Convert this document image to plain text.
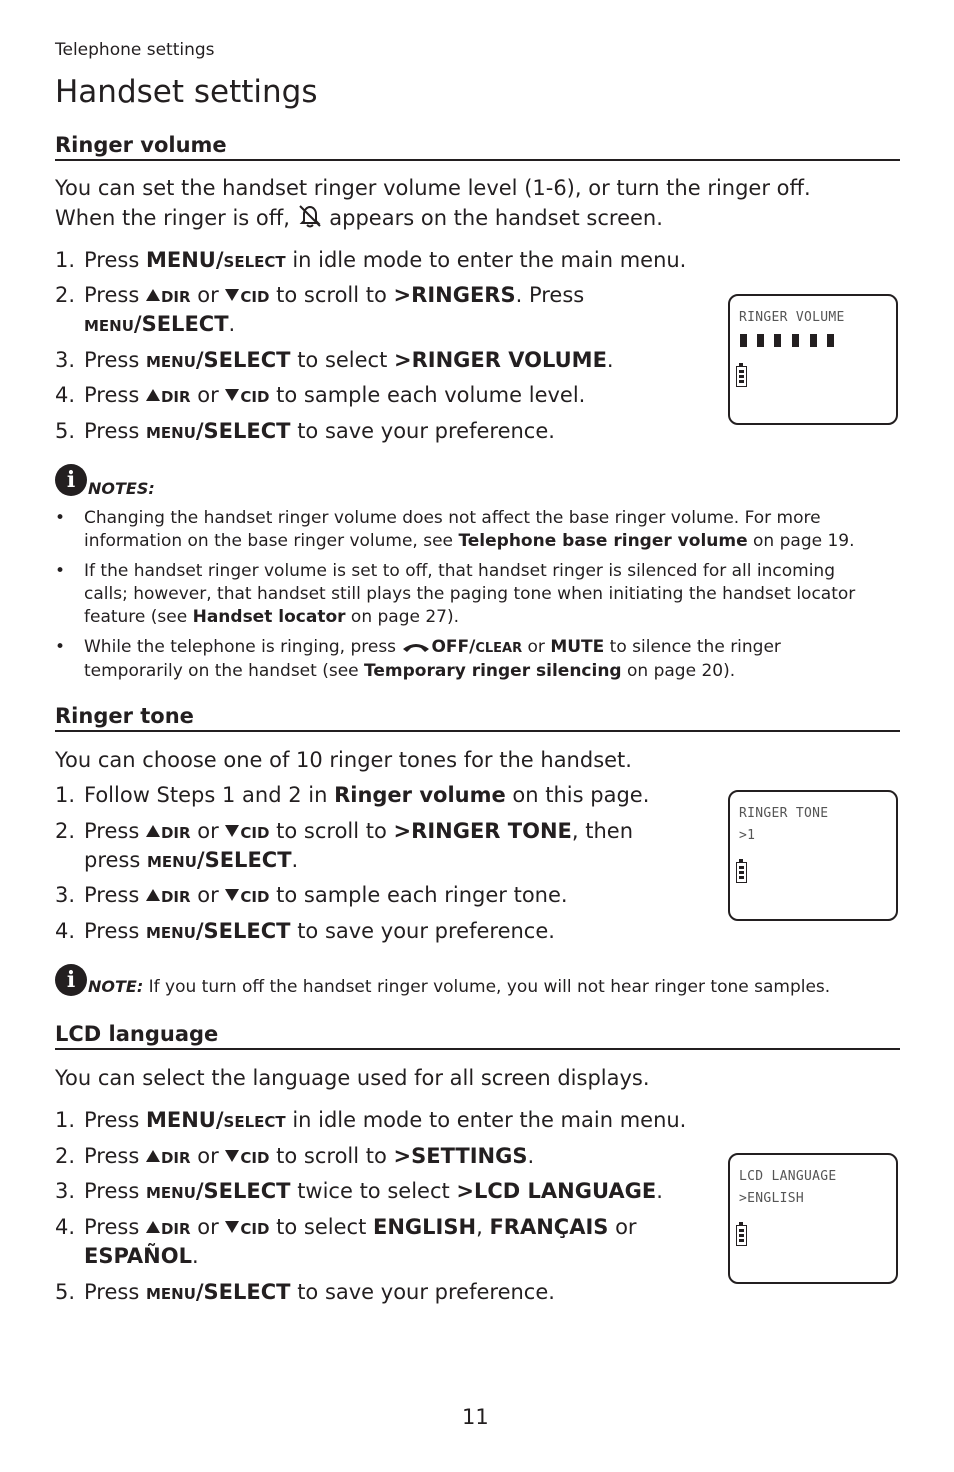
Telephone settings
Handset settings
Ringer volume
You can set the handset ringer volume level (1-6), or turn the ringer off.
When the ringer is off, appears on the handset screen.
1. Press MENU/SELECT in idle mode to enter the main menu.
2. Press DIR or CID to scroll to >RINGERS. Press
MENU/SELECT.
3. Press MENU/SELECT to select >RINGER VOLUME.
4. Press DIR or CID to sample each volume level.
5. Press MENU/SELECT to save your preference.
RINGER VOLUME
i NOTES:
• Changing the handset ringer volume does not affect the base ringer volume. For more
information on the base ringer volume, see Telephone base ringer volume on page 19.
• If the handset ringer volume is set to off, that handset ringer is silenced for all incoming
calls; however, that handset still plays the paging tone when initiating the handset locator
feature (see Handset locator on page 27).
• While the telephone is ringing, press OFF/CLEAR or MUTE to silence the ringer
temporarily on the handset (see Temporary ringer silencing on page 20).
Ringer tone
You can choose one of 10 ringer tones for the handset.
1. Follow Steps 1 and 2 in Ringer volume on this page.
2. Press DIR or CID to scroll to >RINGER TONE, then
press MENU/SELECT.
3. Press DIR or CID to sample each ringer tone.
4. Press MENU/SELECT to save your preference.
RINGER TONE
>1
i NOTE: If you turn off the handset ringer volume, you will not hear ringer tone samples.
LCD language
You can select the language used for all screen displays.
1. Press MENU/SELECT in idle mode to enter the main menu.
2. Press DIR or CID to scroll to >SETTINGS.
3. Press MENU/SELECT twice to select >LCD LANGUAGE.
4. Press DIR or CID to select ENGLISH, FRANÇAIS or
ESPAÑOL.
5. Press MENU/SELECT to save your preference.
LCD LANGUAGE
>ENGLISH
11
